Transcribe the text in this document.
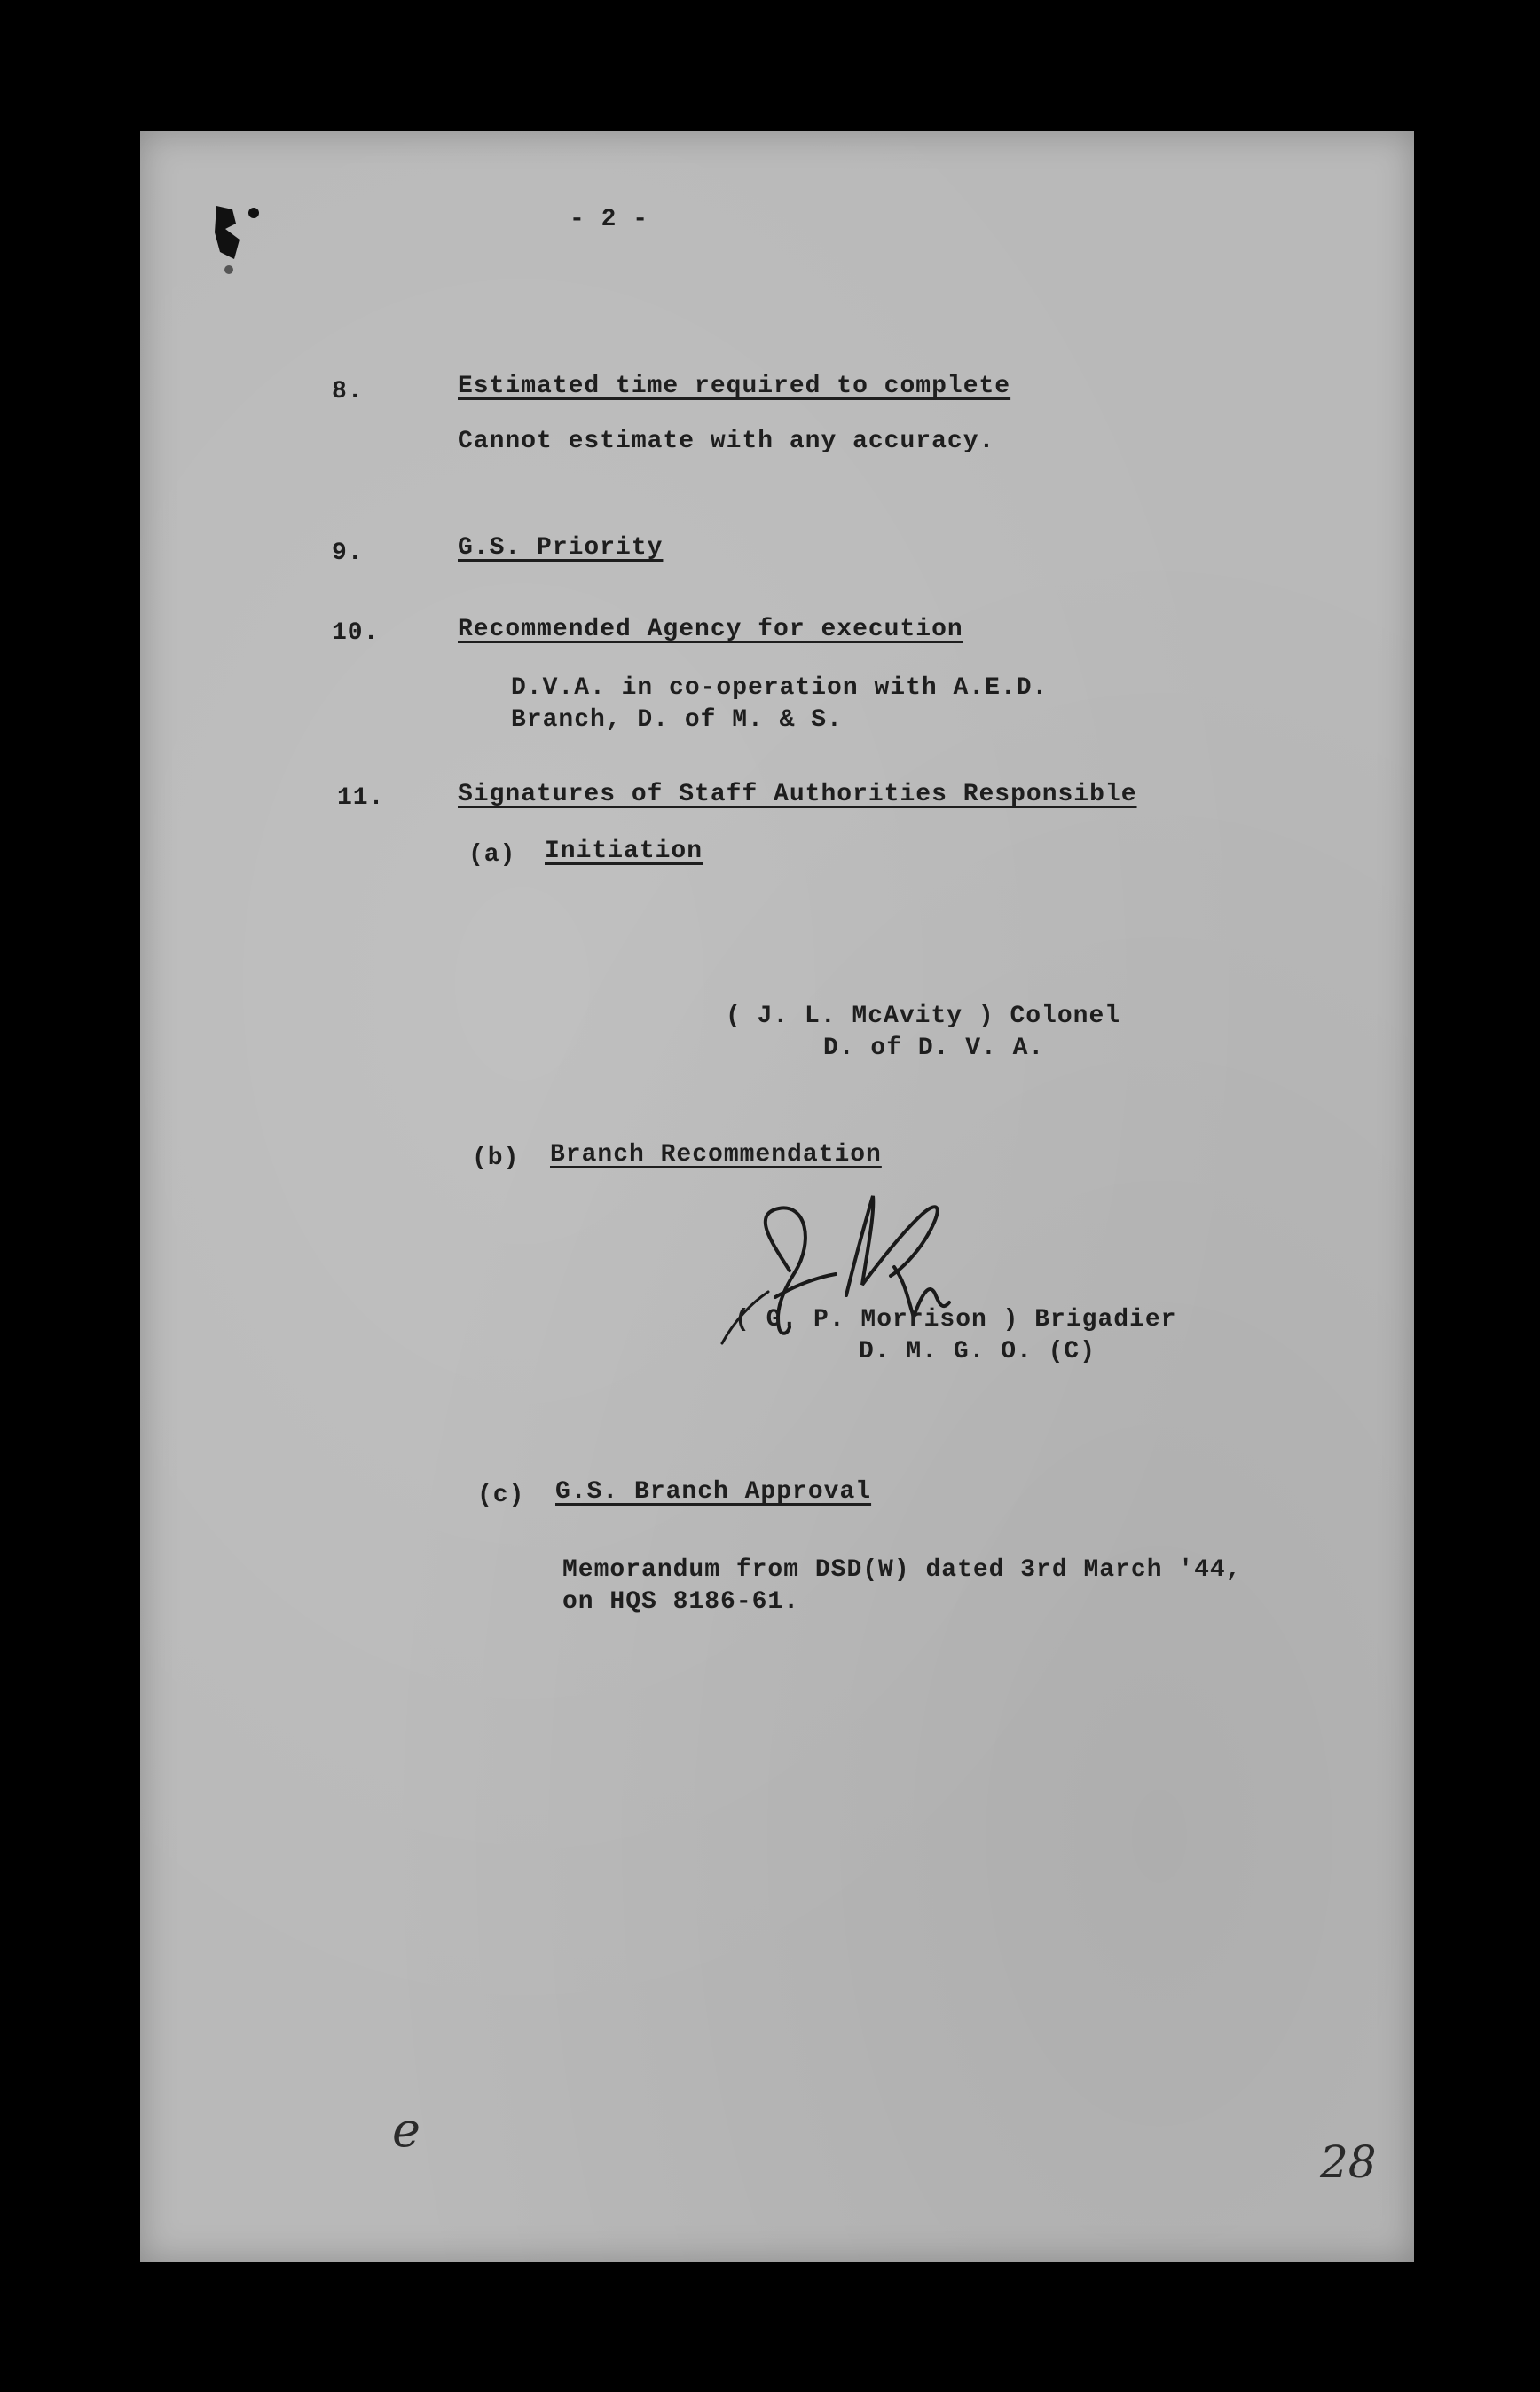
- 2 -
8.	Estimated time required to complete
Cannot estimate with any accuracy.
9.	G.S. Priority
10.	Recommended Agency for execution
D.V.A. in co-operation with A.E.D.
Branch, D. of M. & S.
11.	Signatures of Staff Authorities Responsible
(a) Initiation
( J. L. McAvity ) Colonel
D. of D. V. A.
(b) Branch Recommendation
( G. P. Morrison ) Brigadier
D. M. G. O. (C)
(c) G.S. Branch Approval
Memorandum from DSD(W) dated 3rd March '44,
on HQS 8186-61.
e
28
